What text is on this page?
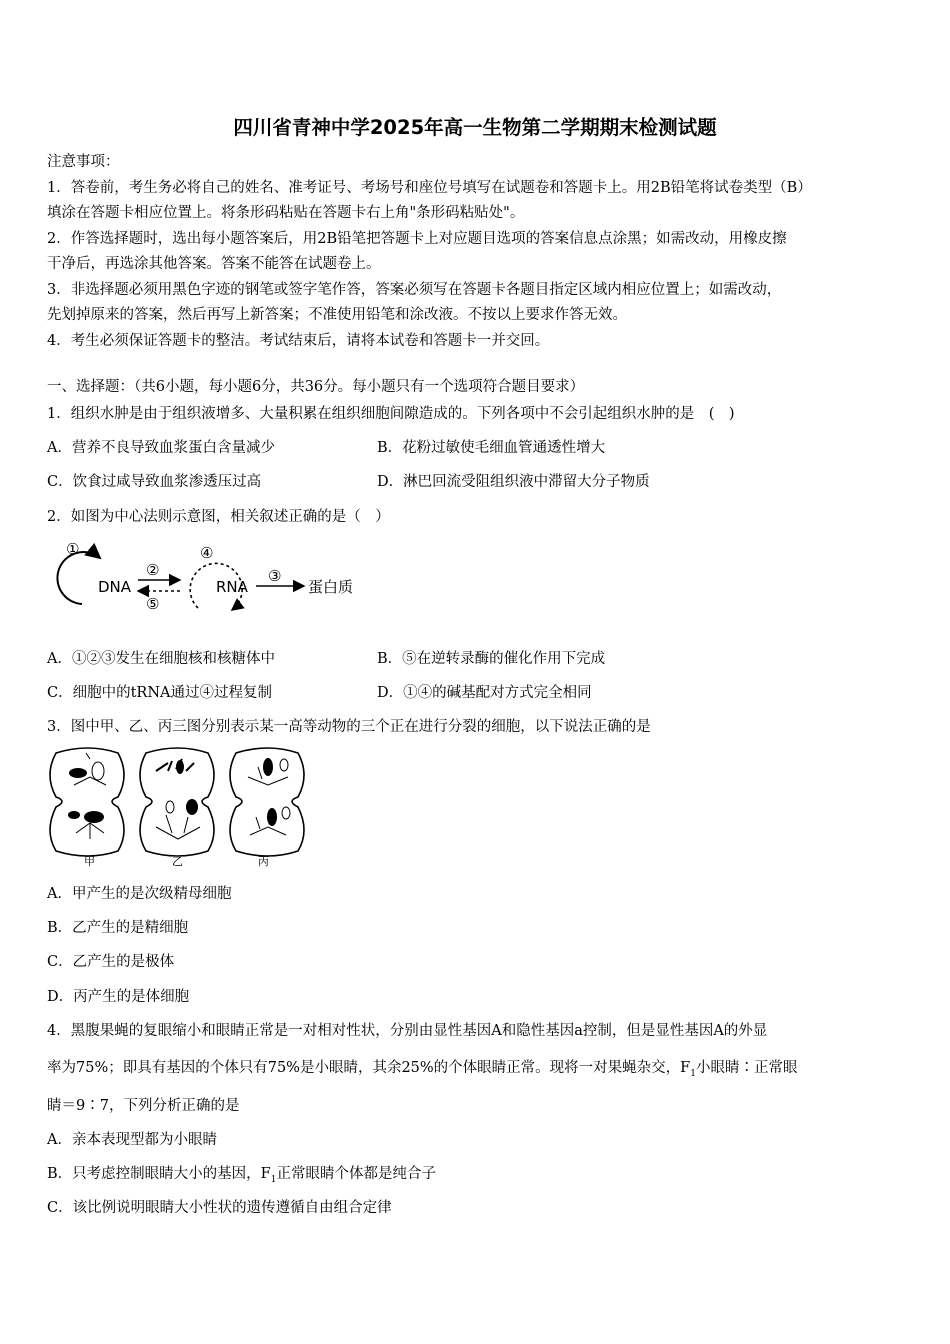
四川省青神中学2025年高一生物第二学期期末检测试题
注意事项：
1．答卷前，考生务必将自己的姓名、准考证号、考场号和座位号填写在试题卷和答题卡上。用2B铅笔将试卷类型（B）
填涂在答题卡相应位置上。将条形码粘贴在答题卡右上角"条形码粘贴处"。
2．作答选择题时，选出每小题答案后，用2B铅笔把答题卡上对应题目选项的答案信息点涂黑；如需改动，用橡皮擦
干净后，再选涂其他答案。答案不能答在试题卷上。
3．非选择题必须用黑色字迹的钢笔或签字笔作答，答案必须写在答题卡各题目指定区域内相应位置上；如需改动，
先划掉原来的答案，然后再写上新答案；不准使用铅笔和涂改液。不按以上要求作答无效。
4．考生必须保证答题卡的整洁。考试结束后，请将本试卷和答题卡一并交回。
一、选择题：（共6小题，每小题6分，共36分。每小题只有一个选项符合题目要求）
1．组织水肿是由于组织液增多、大量积累在组织细胞间隙造成的。下列各项中不会引起组织水肿的是　(　)
A．营养不良导致血浆蛋白含量减少	B．花粉过敏使毛细血管通透性增大
C．饮食过咸导致血浆渗透压过高	D．淋巴回流受阻组织液中滞留大分子物质
2．如图为中心法则示意图，相关叙述正确的是（　）
DNA
①
②
⑤
RNA
④
③
蛋白质
A．①②③发生在细胞核和核糖体中	B．⑤在逆转录酶的催化作用下完成
C．细胞中的tRNA通过④过程复制	D．①④的碱基配对方式完全相同
3．图中甲、乙、丙三图分别表示某一高等动物的三个正在进行分裂的细胞，以下说法正确的是
甲	乙	丙
A．甲产生的是次级精母细胞
B．乙产生的是精细胞
C．乙产生的是极体
D．丙产生的是体细胞
4．黑腹果蝇的复眼缩小和眼睛正常是一对相对性状，分别由显性基因A和隐性基因a控制，但是显性基因A的外显
率为75%；即具有基因的个体只有75%是小眼睛，其余25%的个体眼睛正常。现将一对果蝇杂交，$F_1$小眼睛∶正常眼
睛＝9∶7，下列分析正确的是
A．亲本表现型都为小眼睛
B．只考虑控制眼睛大小的基因，$F_1$正常眼睛个体都是纯合子
C．该比例说明眼睛大小性状的遗传遵循自由组合定律
